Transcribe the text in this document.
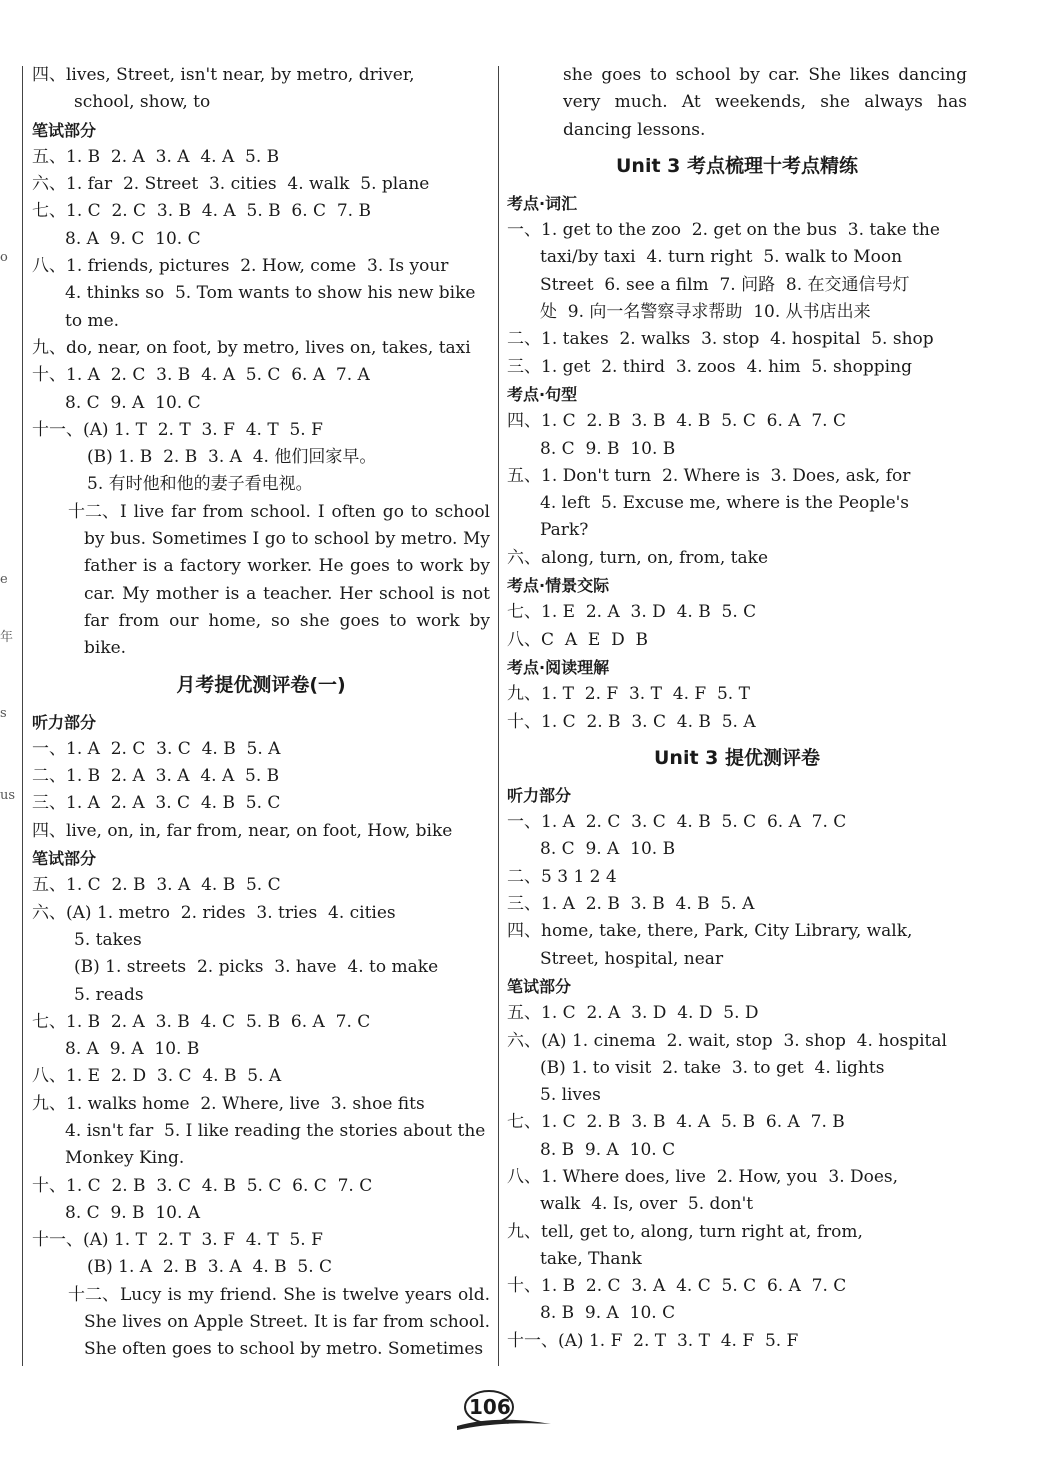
o
e
年
s
us
四、lives, Street, isn't near, by metro, driver,
school, show, to
笔试部分
五、1. B  2. A  3. A  4. A  5. B
六、1. far  2. Street  3. cities  4. walk  5. plane
七、1. C  2. C  3. B  4. A  5. B  6. C  7. B
8. A  9. C  10. C
八、1. friends, pictures  2. How, come  3. Is your
4. thinks so  5. Tom wants to show his new bike
to me.
九、do, near, on foot, by metro, lives on, takes, taxi
十、1. A  2. C  3. B  4. A  5. C  6. A  7. A
8. C  9. A  10. C
十一、(A) 1. T  2. T  3. F  4. T  5. F
(B) 1. B  2. B  3. A  4. 他们回家早。
5. 有时他和他的妻子看电视。
十二、 I live far from school. I often go to school by bus. Sometimes I go to school by metro. My father is a factory worker. He goes to work by car. My mother is a teacher. Her school is not far from our home, so she goes to work by bike.
月考提优测评卷(一)
听力部分
一、1. A  2. C  3. C  4. B  5. A
二、1. B  2. A  3. A  4. A  5. B
三、1. A  2. A  3. C  4. B  5. C
四、live, on, in, far from, near, on foot, How, bike
笔试部分
五、1. C  2. B  3. A  4. B  5. C
六、(A) 1. metro  2. rides  3. tries  4. cities
5. takes
(B) 1. streets  2. picks  3. have  4. to make
5. reads
七、1. B  2. A  3. B  4. C  5. B  6. A  7. C
8. A  9. A  10. B
八、1. E  2. D  3. C  4. B  5. A
九、1. walks home  2. Where, live  3. shoe fits
4. isn't far  5. I like reading the stories about the
Monkey King.
十、1. C  2. B  3. C  4. B  5. C  6. C  7. C
8. C  9. B  10. A
十一、(A) 1. T  2. T  3. F  4. T  5. F
(B) 1. A  2. B  3. A  4. B  5. C
十二、 Lucy is my friend. She is twelve years old. She lives on Apple Street. It is far from school. She often goes to school by metro. Sometimes
she goes to school by car. She likes dancing very much. At weekends, she always has dancing lessons.
Unit 3 考点梳理十考点精练
考点·词汇
一、1. get to the zoo  2. get on the bus  3. take the
taxi/by taxi  4. turn right  5. walk to Moon
Street  6. see a film  7. 问路  8. 在交通信号灯
处  9. 向一名警察寻求帮助  10. 从书店出来
二、1. takes  2. walks  3. stop  4. hospital  5. shop
三、1. get  2. third  3. zoos  4. him  5. shopping
考点·句型
四、1. C  2. B  3. B  4. B  5. C  6. A  7. C
8. C  9. B  10. B
五、1. Don't turn  2. Where is  3. Does, ask, for
4. left  5. Excuse me, where is the People's
Park?
六、along, turn, on, from, take
考点·情景交际
七、1. E  2. A  3. D  4. B  5. C
八、C  A  E  D  B
考点·阅读理解
九、1. T  2. F  3. T  4. F  5. T
十、1. C  2. B  3. C  4. B  5. A
Unit 3 提优测评卷
听力部分
一、1. A  2. C  3. C  4. B  5. C  6. A  7. C
8. C  9. A  10. B
二、5 3 1 2 4
三、1. A  2. B  3. B  4. B  5. A
四、home, take, there, Park, City Library, walk,
Street, hospital, near
笔试部分
五、1. C  2. A  3. D  4. D  5. D
六、(A) 1. cinema  2. wait, stop  3. shop  4. hospital
(B) 1. to visit  2. take  3. to get  4. lights
5. lives
七、1. C  2. B  3. B  4. A  5. B  6. A  7. B
8. B  9. A  10. C
八、1. Where does, live  2. How, you  3. Does,
walk  4. Is, over  5. don't
九、tell, get to, along, turn right at, from,
take, Thank
十、1. B  2. C  3. A  4. C  5. C  6. A  7. C
8. B  9. A  10. C
十一、(A) 1. F  2. T  3. T  4. F  5. F
106
